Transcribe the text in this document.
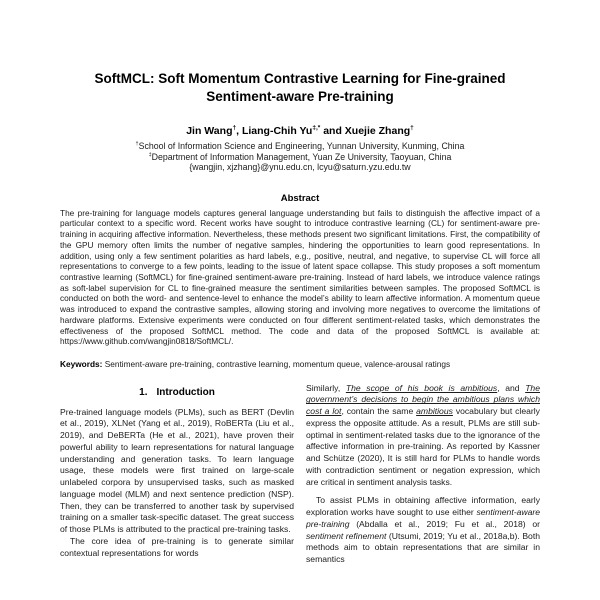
SoftMCL: Soft Momentum Contrastive Learning for Fine-grained Sentiment-aware Pre-training
Jin Wang†, Liang-Chih Yu‡,* and Xuejie Zhang†
†School of Information Science and Engineering, Yunnan University, Kunming, China
‡Department of Information Management, Yuan Ze University, Taoyuan, China
{wangjin, xjzhang}@ynu.edu.cn, lcyu@saturn.yzu.edu.tw
Abstract

The pre-training for language models captures general language understanding but fails to distinguish the affective impact of a particular context to a specific word. Recent works have sought to introduce contrastive learning (CL) for sentiment-aware pre-training in acquiring affective information. Nevertheless, these methods present two significant limitations. First, the compatibility of the GPU memory often limits the number of negative samples, hindering the opportunities to learn good representations. In addition, using only a few sentiment polarities as hard labels, e.g., positive, neutral, and negative, to supervise CL will force all representations to converge to a few points, leading to the issue of latent space collapse. This study proposes a soft momentum contrastive learning (SoftMCL) for fine-grained sentiment-aware pre-training. Instead of hard labels, we introduce valence ratings as soft-label supervision for CL to fine-grained measure the sentiment similarities between samples. The proposed SoftMCL is conducted on both the word- and sentence-level to enhance the model’s ability to learn affective information. A momentum queue was introduced to expand the contrastive samples, allowing storing and involving more negatives to overcome the limitations of hardware platforms. Extensive experiments were conducted on four different sentiment-related tasks, which demonstrates the effectiveness of the proposed SoftMCL method. The code and data of the proposed SoftMCL is available at: https://www.github.com/wangjin0818/SoftMCL/.

Keywords: Sentiment-aware pre-training, contrastive learning, momentum queue, valence-arousal ratings

1. Introduction

Pre-trained language models (PLMs), such as BERT (Devlin et al., 2019), XLNet (Yang et al., 2019), RoBERTa (Liu et al., 2019), and DeBERTa (He et al., 2021), have proven their powerful ability to learn representations for natural language understanding and generation tasks. To learn language usage, these models were first trained on large-scale unlabeled corpora by unsupervised tasks, such as masked language model (MLM) and next sentence prediction (NSP). Then, they can be transferred to another task by supervised training on a smaller task-specific dataset. The great success of those PLMs is attributed to the practical pre-training tasks.

The core idea of pre-training is to generate similar contextual representations for words

Similarly, The scope of his book is ambitious, and The government’s decisions to begin the ambitious plans which cost a lot, contain the same ambitious vocabulary but clearly express the opposite attitude. As a result, PLMs are still sub-optimal in sentiment-related tasks due to the ignorance of the affective information in pre-training. As reported by Kassner and Schütze (2020), It is still hard for PLMs to handle words with contradiction sentiment or negation expression, which are critical in sentiment analysis tasks.

To assist PLMs in obtaining affective information, early exploration works have sought to use either sentiment-aware pre-training (Abdalla et al., 2019; Fu et al., 2018) or sentiment refinement (Utsumi, 2019; Yu et al., 2018a,b). Both methods aim to obtain representations that are similar in semantics
